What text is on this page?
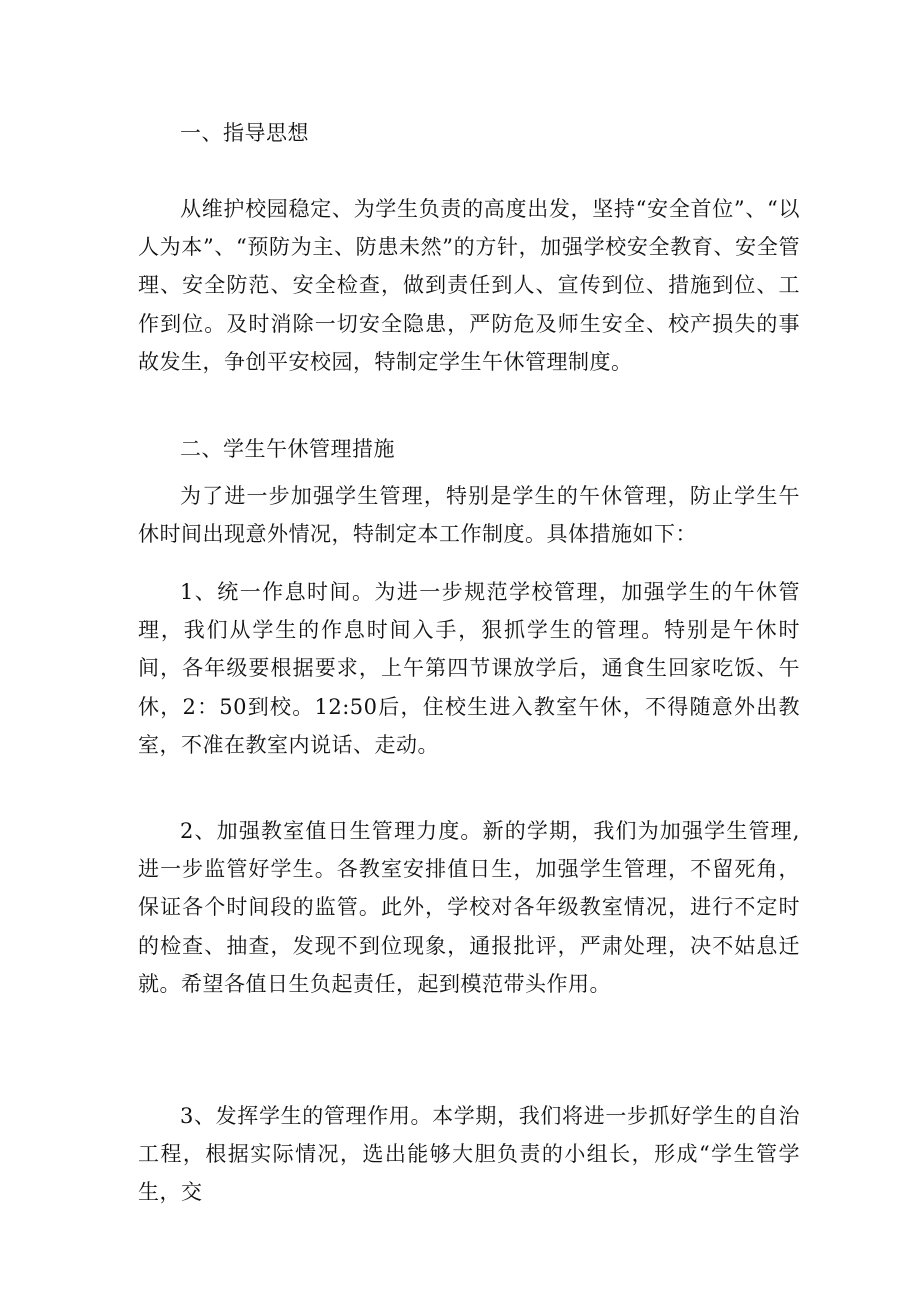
一、指导思想

从维护校园稳定、为学生负责的高度出发，坚持“安全首位”、“以人为本”、“预防为主、防患未然”的方针，加强学校安全教育、安全管理、安全防范、安全检查，做到责任到人、宣传到位、措施到位、工作到位。及时消除一切安全隐患，严防危及师生安全、校产损失的事故发生，争创平安校园，特制定学生午休管理制度。

二、学生午休管理措施

为了进一步加强学生管理，特别是学生的午休管理，防止学生午休时间出现意外情况，特制定本工作制度。具体措施如下：

1、统一作息时间。为进一步规范学校管理，加强学生的午休管理，我们从学生的作息时间入手，狠抓学生的管理。特别是午休时间，各年级要根据要求，上午第四节课放学后，通食生回家吃饭、午休，2：50到校。12:50后，住校生进入教室午休，不得随意外出教室，不准在教室内说话、走动。

2、加强教室值日生管理力度。新的学期，我们为加强学生管理,进一步监管好学生。各教室安排值日生，加强学生管理，不留死角，保证各个时间段的监管。此外，学校对各年级教室情况，进行不定时的检查、抽查，发现不到位现象，通报批评，严肃处理，决不姑息迁就。希望各值日生负起责任，起到模范带头作用。

3、发挥学生的管理作用。本学期，我们将进一步抓好学生的自治工程，根据实际情况，选出能够大胆负责的小组长，形成“学生管学生，交
